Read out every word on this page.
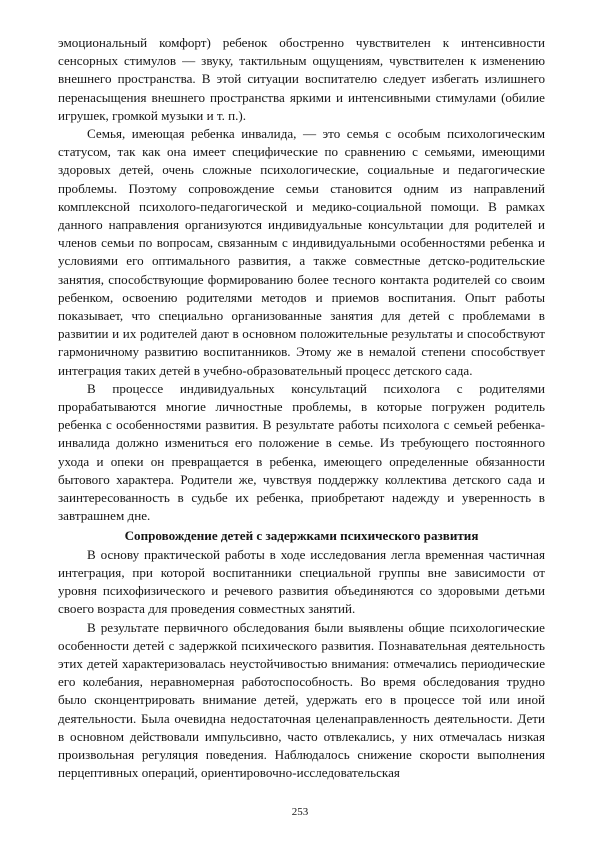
эмоциональный комфорт) ребенок обостренно чувствителен к интенсивности сенсорных стимулов — звуку, тактильным ощущениям, чувствителен к изменению внешнего пространства. В этой ситуации воспитателю следует избегать излишнего перенасыщения внешнего пространства яркими и интенсивными стимулами (обилие игрушек, громкой музыки и т. п.).

Семья, имеющая ребенка инвалида, — это семья с особым психологическим статусом, так как она имеет специфические по сравнению с семьями, имеющими здоровых детей, очень сложные психологические, социальные и педагогические проблемы. Поэтому сопровождение семьи становится одним из направлений комплексной психолого-педагогической и медико-социальной помощи. В рамках данного направления организуются индивидуальные консультации для родителей и членов семьи по вопросам, связанным с индивидуальными особенностями ребенка и условиями его оптимального развития, а также совместные детско-родительские занятия, способствующие формированию более тесного контакта родителей со своим ребенком, освоению родителями методов и приемов воспитания. Опыт работы показывает, что специально организованные занятия для детей с проблемами в развитии и их родителей дают в основном положительные результаты и способствуют гармоничному развитию воспитанников. Этому же в немалой степени способствует интеграция таких детей в учебно-образовательный процесс детского сада.

В процессе индивидуальных консультаций психолога с родителями прорабатываются многие личностные проблемы, в которые погружен родитель ребенка с особенностями развития. В результате работы психолога с семьей ребенка-инвалида должно измениться его положение в семье. Из требующего постоянного ухода и опеки он превращается в ребенка, имеющего определенные обязанности бытового характера. Родители же, чувствуя поддержку коллектива детского сада и заинтересованность в судьбе их ребенка, приобретают надежду и уверенность в завтрашнем дне.

Сопровождение детей с задержками психического развития

В основу практической работы в ходе исследования легла временная частичная интеграция, при которой воспитанники специальной группы вне зависимости от уровня психофизического и речевого развития объединяются со здоровыми детьми своего возраста для проведения совместных занятий.

В результате первичного обследования были выявлены общие психологические особенности детей с задержкой психического развития. Познавательная деятельность этих детей характеризовалась неустойчивостью внимания: отмечались периодические его колебания, неравномерная работоспособность. Во время обследования трудно было сконцентрировать внимание детей, удержать его в процессе той или иной деятельности. Была очевидна недостаточная целенаправленность деятельности. Дети в основном действовали импульсивно, часто отвлекались, у них отмечалась низкая произвольная регуляция поведения. Наблюдалось снижение скорости выполнения перцептивных операций, ориентировочно-исследовательская

253
